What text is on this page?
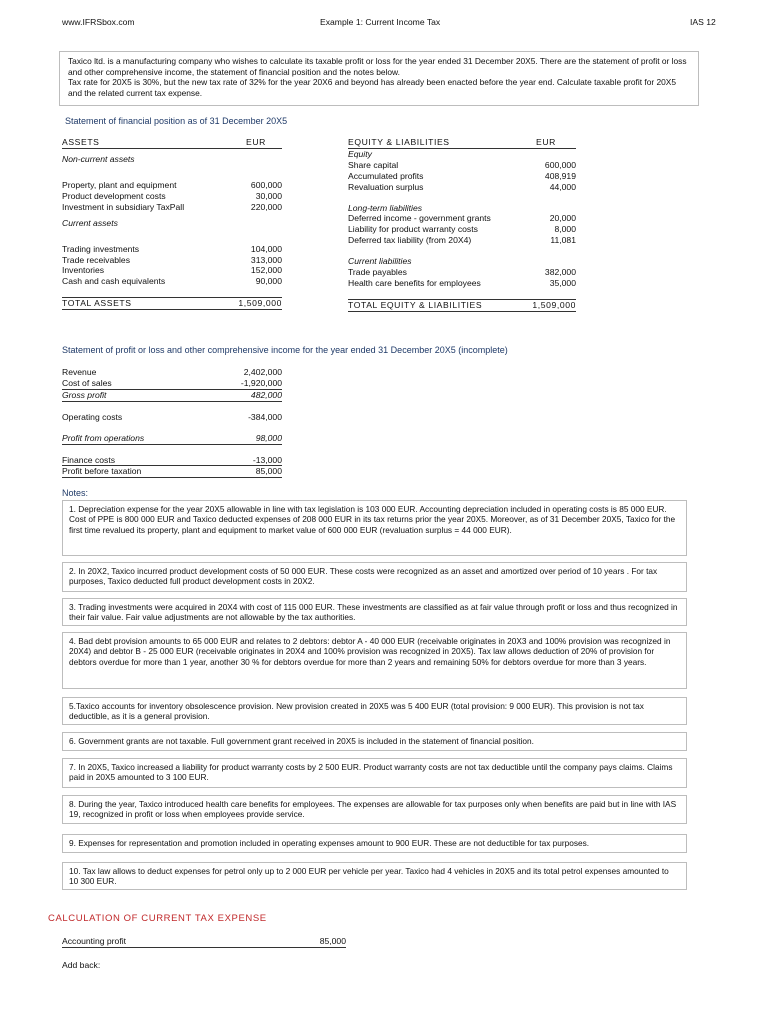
www.IFRSbox.com	Example 1: Current Income Tax	IAS 12
Taxico ltd. is a manufacturing company who wishes to calculate its taxable profit or loss for the year ended 31 December 20X5. There are the statement of profit or loss and other comprehensive income, the statement of financial position and the notes below.
Tax rate for 20X5 is 30%, but the new tax rate of 32% for the year 20X6 and beyond has already been enacted before the year end. Calculate taxable profit for 20X5 and the related current tax expense.
Statement of financial position as of 31 December 20X5
ASSETS	EUR
Non-current assets	

Property, plant and equipment	600,000
Product development costs	30,000
Investment in subsidiary TaxPall	220,000
Current assets	

Trading investments	104,000
Trade receivables	313,000
Inventories	152,000
Cash and cash equivalents	90,000

TOTAL ASSETS	1,509,000
EQUITY & LIABILITIES	EUR
Equity	
Share capital	600,000
Accumulated profits	408,919
Revaluation surplus	44,000

Long-term liabilities	
Deferred income - government grants	20,000
Liability for product warranty costs	8,000
Deferred tax liability (from 20X4)	11,081

Current liabilities	
Trade payables	382,000
Health care benefits for employees	35,000

TOTAL EQUITY & LIABILITIES	1,509,000
Statement of profit or loss and other comprehensive income for the year ended 31 December 20X5 (incomplete)
Revenue	2,402,000
Cost of sales	-1,920,000
Gross profit	482,000

Operating costs	-384,000

Profit from operations	98,000

Finance costs	-13,000
Profit before taxation	85,000
Notes:
1. Depreciation expense for the year 20X5 allowable in line with tax legislation is 103 000 EUR. Accounting depreciation included in operating costs is 85 000 EUR. Cost of PPE is 800 000 EUR and Taxico deducted expenses of 208 000 EUR in its tax returns prior the year 20X5. Moreover, as of 31 December 20X5, Taxico for the first time revalued its property, plant and equipment to market value of 600 000 EUR (revaluation surplus = 44 000 EUR).
2. In 20X2, Taxico incurred product development costs of 50 000 EUR. These costs were recognized as an asset and amortized over period of 10 years . For tax purposes, Taxico deducted full product development costs in 20X2.
3. Trading investments were acquired in 20X4 with cost of 115 000 EUR. These investments are classified as at fair value through profit or loss and thus recognized in their fair value. Fair value adjustments are not allowable by the tax authorities.
4. Bad debt provision amounts to 65 000 EUR and relates to 2 debtors: debtor A - 40 000 EUR (receivable originates in 20X3 and 100% provision was recognized in 20X4) and debtor B - 25 000 EUR (receivable originates in 20X4 and 100% provision was recognized in 20X5). Tax law allows deduction of 20% of provision for debtors overdue for more than 1 year, another 30 % for debtors overdue for more than 2 years and remaining 50% for debtors overdue for more than 3 years.
5.Taxico accounts for inventory obsolescence provision. New provision created in 20X5 was 5 400 EUR (total provision: 9 000 EUR). This provision is not tax deductible, as it is a general provision.
6. Government grants are not taxable. Full government grant received in 20X5 is included in the statement of financial position.
7. In 20X5, Taxico increased a liability for product warranty costs by 2 500 EUR. Product warranty costs are not tax deductible until the company pays claims. Claims paid in 20X5 amounted to 3 100 EUR.
8. During the year, Taxico introduced health care benefits for employees. The expenses are allowable for tax purposes only when benefits are paid but in line with IAS 19, recognized in profit or loss when employees provide service.
9. Expenses for representation and promotion included in operating expenses amount to 900 EUR. These are not deductible for tax purposes.
10. Tax law allows to deduct expenses for petrol only up to 2 000 EUR per vehicle per year. Taxico had 4 vehicles in 20X5 and its total petrol expenses amounted to 10 300 EUR.
CALCULATION OF CURRENT TAX EXPENSE
Accounting profit	85,000
Add back:
